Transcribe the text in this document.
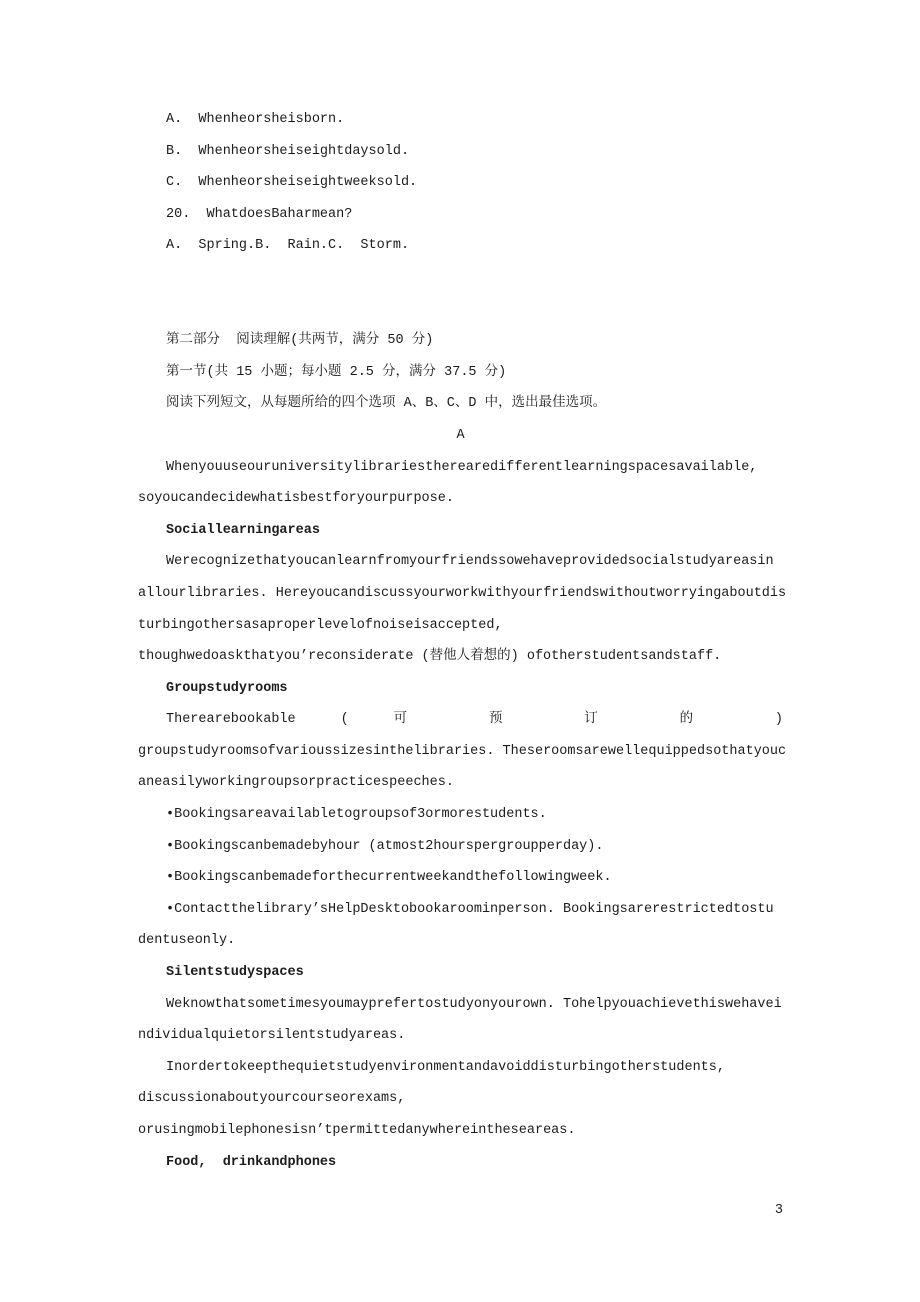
A.  Whenheorsheisborn.
B.  Whenheorsheiseightdaysold.
C.  Whenheorsheiseightweeksold.
20.  WhatdoesBaharmean?
A.  Spring.B.  Rain.C.  Storm.
第二部分  阅读理解(共两节，满分 50 分)
第一节(共 15 小题；每小题 2.5 分，满分 37.5 分)
阅读下列短文，从每题所给的四个选项 A、B、C、D 中，选出最佳选项。
A
Whenyouuseouruniversitylibrariestherearedifferentlearningspacesavailable,
soyoucandecidewhatisbestforyourpurpose.
Sociallearningareas
Werecognizethatyoucanlearnfromyourfriendssowehaveprovidedsocialstudyareasin
allourlibraries. Hereyoucandiscussyourworkwithyourfriendswithoutworryingaboutdis
turbingothersasaproperlevelofnoiseisaccepted,
thoughwedoaskthatyou’reconsiderate (替他人着想的) ofotherstudentsandstaff.
Groupstudyrooms
Therearebookable ( 可 预 订 的 )
groupstudyroomsofvarioussizesinthelibraries. Theseroomsarewellequippedsothatyouc
aneasilyworkingroupsorpracticespeeches.
•Bookingsareavailabletogroupsof3ormorestudents.
•Bookingscanbemadebyhour (atmost2hourspergroupperday).
•Bookingscanbemadeforthecurrentweekandthefollowingweek.
•Contactthelibrary’sHelpDesktobookaroominperson. Bookingsarerestrictedtostu
dentuseonly.
Silentstudyspaces
Weknowthatsometimesyoumayprefertostudyonyourown. Tohelpyouachievethiswehavei
ndividualquietorsilentstudyareas.
Inordertokeepthequietstudyenvironmentandavoiddisturbingotherstudents,
discussionaboutyourcourseorexams,
orusingmobilephonesisn’tpermittedanywhereintheseareas.
Food,  drinkandphones
3
